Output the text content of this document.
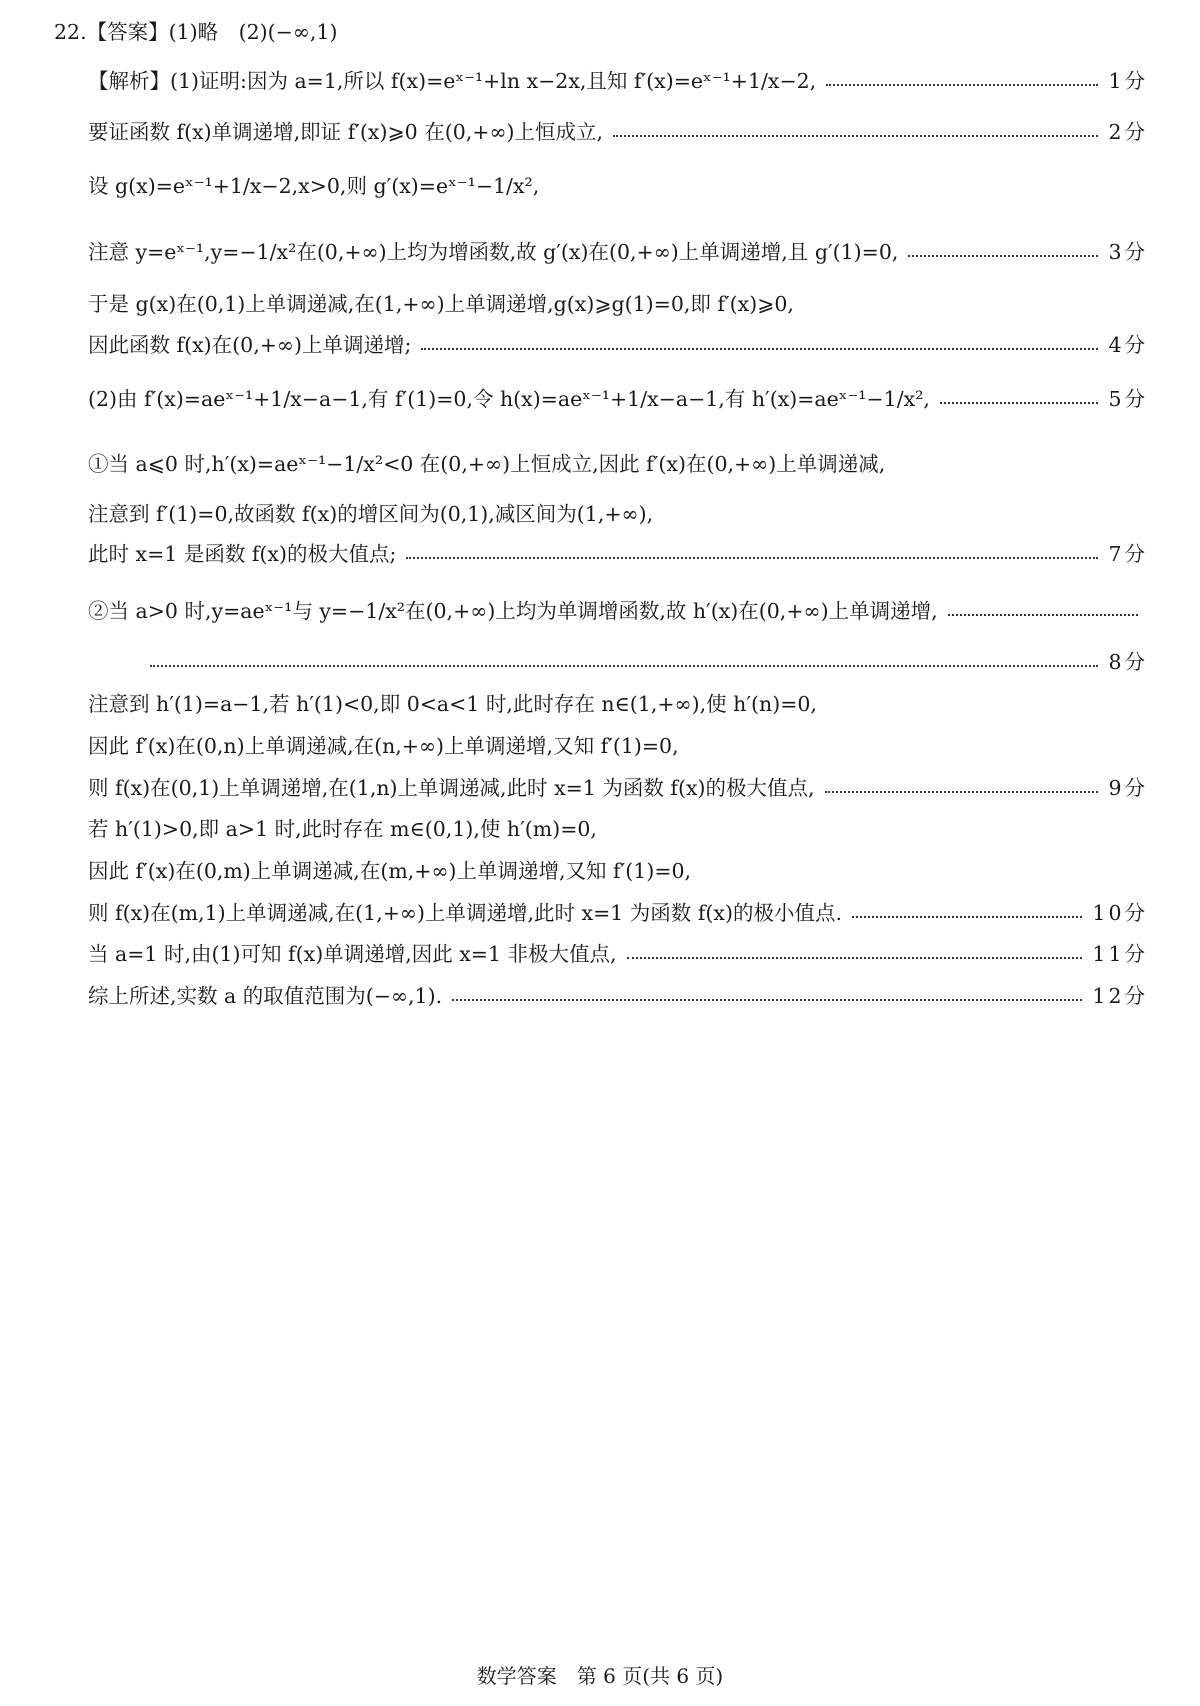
22.【答案】(1)略　(2)(−∞,1)
【解析】(1)证明:因为 a=1,所以 f(x)=eˣ⁻¹+ln x−2x,且知 f′(x)=eˣ⁻¹+1/x−2,	1分
要证函数 f(x)单调递增,即证 f′(x)⩾0 在(0,+∞)上恒成立,	2分
设 g(x)=eˣ⁻¹+1/x−2,x>0,则 g′(x)=eˣ⁻¹−1/x²,
注意 y=eˣ⁻¹,y=−1/x²在(0,+∞)上均为增函数,故 g′(x)在(0,+∞)上单调递增,且 g′(1)=0,	3分
于是 g(x)在(0,1)上单调递减,在(1,+∞)上单调递增,g(x)⩾g(1)=0,即 f′(x)⩾0,
因此函数 f(x)在(0,+∞)上单调递增;	4分
(2)由 f′(x)=aeˣ⁻¹+1/x−a−1,有 f′(1)=0,令 h(x)=aeˣ⁻¹+1/x−a−1,有 h′(x)=aeˣ⁻¹−1/x²,	5分
①当 a⩽0 时,h′(x)=aeˣ⁻¹−1/x²<0 在(0,+∞)上恒成立,因此 f′(x)在(0,+∞)上单调递减,
注意到 f′(1)=0,故函数 f(x)的增区间为(0,1),减区间为(1,+∞),
此时 x=1 是函数 f(x)的极大值点;	7分
②当 a>0 时,y=aeˣ⁻¹与 y=−1/x²在(0,+∞)上均为单调增函数,故 h′(x)在(0,+∞)上单调递增,
8分
注意到 h′(1)=a−1,若 h′(1)<0,即 0<a<1 时,此时存在 n∈(1,+∞),使 h′(n)=0,
因此 f′(x)在(0,n)上单调递减,在(n,+∞)上单调递增,又知 f′(1)=0,
则 f(x)在(0,1)上单调递增,在(1,n)上单调递减,此时 x=1 为函数 f(x)的极大值点,	9分
若 h′(1)>0,即 a>1 时,此时存在 m∈(0,1),使 h′(m)=0,
因此 f′(x)在(0,m)上单调递减,在(m,+∞)上单调递增,又知 f′(1)=0,
则 f(x)在(m,1)上单调递减,在(1,+∞)上单调递增,此时 x=1 为函数 f(x)的极小值点.	10分
当 a=1 时,由(1)可知 f(x)单调递增,因此 x=1 非极大值点,	11分
综上所述,实数 a 的取值范围为(−∞,1).	12分
数学答案　第 6 页(共 6 页)
